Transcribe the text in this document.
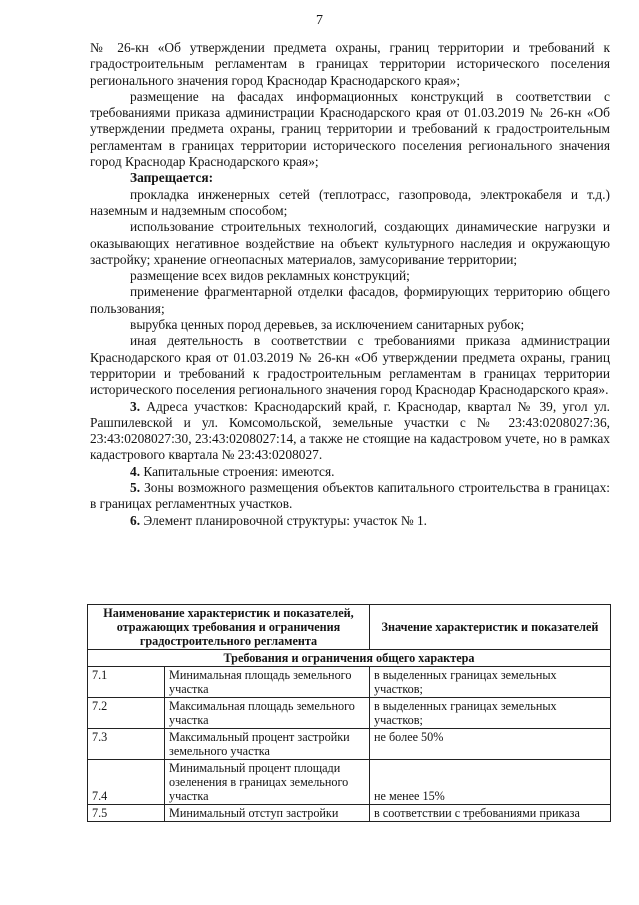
7

№ 26-кн «Об утверждении предмета охраны, границ территории и требований к градостроительным регламентам в границах территории исторического поселения регионального значения город Краснодар Краснодарского края»;

размещение на фасадах информационных конструкций в соответствии с требованиями приказа администрации Краснодарского края от 01.03.2019 № 26-кн «Об утверждении предмета охраны, границ территории и требований к градостроительным регламентам в границах территории исторического поселения регионального значения город Краснодар Краснодарского края»;

Запрещается:

прокладка инженерных сетей (теплотрасс, газопровода, электрокабеля и т.д.) наземным и надземным способом;

использование строительных технологий, создающих динамические нагрузки и оказывающих негативное воздействие на объект культурного наследия и окружающую застройку; хранение огнеопасных материалов, замусоривание территории;

размещение всех видов рекламных конструкций;

применение фрагментарной отделки фасадов, формирующих территорию общего пользования;

вырубка ценных пород деревьев, за исключением санитарных рубок;

иная деятельность в соответствии с требованиями приказа администрации Краснодарского края от 01.03.2019 № 26-кн «Об утверждении предмета охраны, границ территории и требований к градостроительным регламентам в границах территории исторического поселения регионального значения город Краснодар Краснодарского края».

3. Адреса участков: Краснодарский край, г. Краснодар, квартал № 39, угол ул. Рашпилевской и ул. Комсомольской, земельные участки с № 23:43:0208027:36, 23:43:0208027:30, 23:43:0208027:14, а также не стоящие на кадастровом учете, но в рамках кадастрового квартала № 23:43:0208027.

4. Капитальные строения: имеются.

5. Зоны возможного размещения объектов капитального строительства в границах: в границах регламентных участков.

6. Элемент планировочной структуры: участок № 1.

Наименование характеристик и показателей, отражающих требования и ограничения градостроительного регламента		Значение характеристик и показателей
Требования и ограничения общего характера		
7.1	Минимальная площадь земельного участка	в выделенных границах земельных участков;
7.2	Максимальная площадь земельного участка	в выделенных границах земельных участков;
7.3	Максимальный процент застройки земельного участка	не более 50%
7.4	Минимальный процент площади озеленения в границах земельного участка	не менее 15%
7.5	Минимальный отступ застройки	в соответствии с требованиями приказа
